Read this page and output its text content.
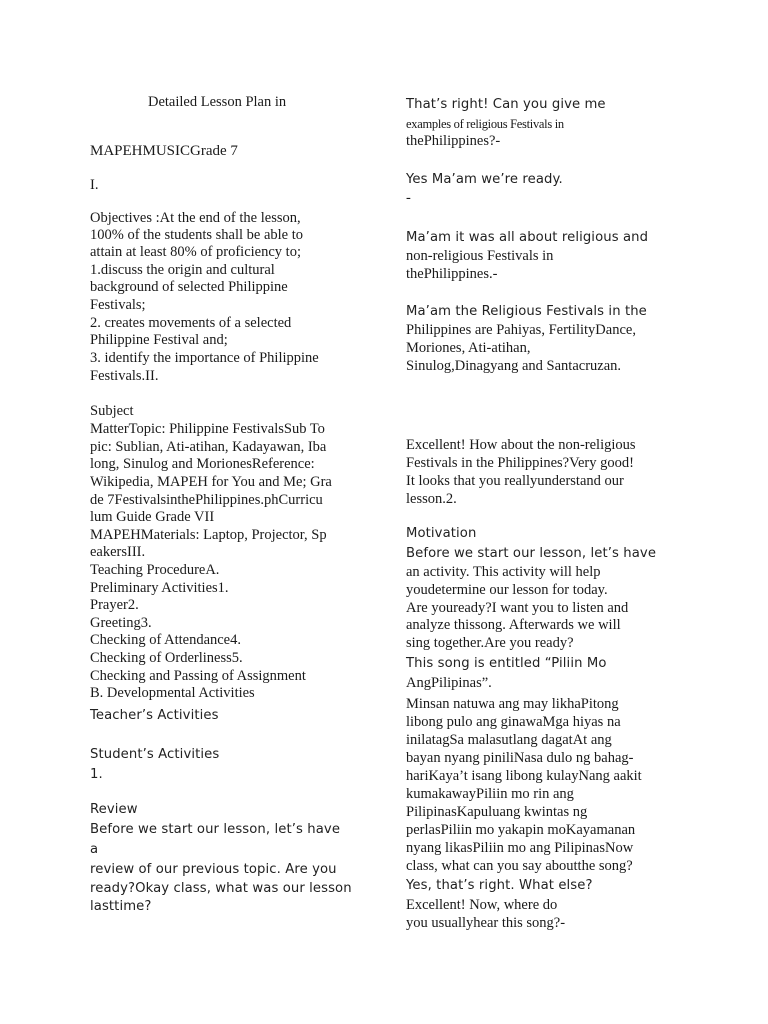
Detailed Lesson Plan in
MAPEHMUSICGrade 7
I.
Objectives :At the end of the lesson,
100% of the students shall be able to
attain at least 80% of proficiency to;
1.discuss the origin and cultural
background of selected Philippine
Festivals;
2. creates movements of a selected
Philippine Festival and;
3. identify the importance of Philippine
Festivals.II.
Subject
MatterTopic: Philippine FestivalsSub To
pic: Sublian, Ati-atihan, Kadayawan, Iba
long, Sinulog and MorionesReference:
Wikipedia, MAPEH for You and Me; Gra
de 7FestivalsinthePhilippines.phCurricu
lum Guide Grade VII
MAPEHMaterials: Laptop, Projector, Sp
eakersIII.
Teaching ProcedureA.
Preliminary Activities1.
Prayer2.
Greeting3.
Checking of Attendance4.
Checking of Orderliness5.
Checking and Passing of Assignment
B. Developmental Activities
Teacher’s Activities
Student’s Activities
1.
Review
Before we start our lesson, let’s have
a
review of our previous topic. Are you
ready?Okay class, what was our lesson
lasttime?
That’s right! Can you give me
examples of religious Festivals in
thePhilippines?-
Yes Ma’am we’re ready.
-
Ma’am it was all about religious and
non-religious Festivals in
thePhilippines.-
Ma’am the Religious Festivals in the
Philippines are Pahiyas, FertilityDance,
Moriones, Ati-atihan,
Sinulog,Dinagyang and Santacruzan.
Excellent! How about the non-religious
Festivals in the Philippines?Very good!
It looks that you reallyunderstand our
lesson.2.
Motivation
Before we start our lesson, let’s have
an activity. This activity will help
youdetermine our lesson for today.
Are youready?I want you to listen and
analyze thissong. Afterwards we will
sing together.Are you ready?
This song is entitled “Piliin Mo
AngPilipinas”.
Minsan natuwa ang may likhaPitong
libong pulo ang ginawaMga hiyas na
inilatagSa malasutlang dagatAt ang
bayan nyang piniliNasa dulo ng bahag-
hariKaya’t isang libong kulayNang aakit
kumakawayPiliin mo rin ang
PilipinasKapuluang kwintas ng
perlasPiliin mo yakapin moKayamanan
nyang likasPiliin mo ang PilipinasNow
class, what can you say aboutthe song?
Yes, that’s right. What else?
Excellent! Now, where do
you usuallyhear this song?-
